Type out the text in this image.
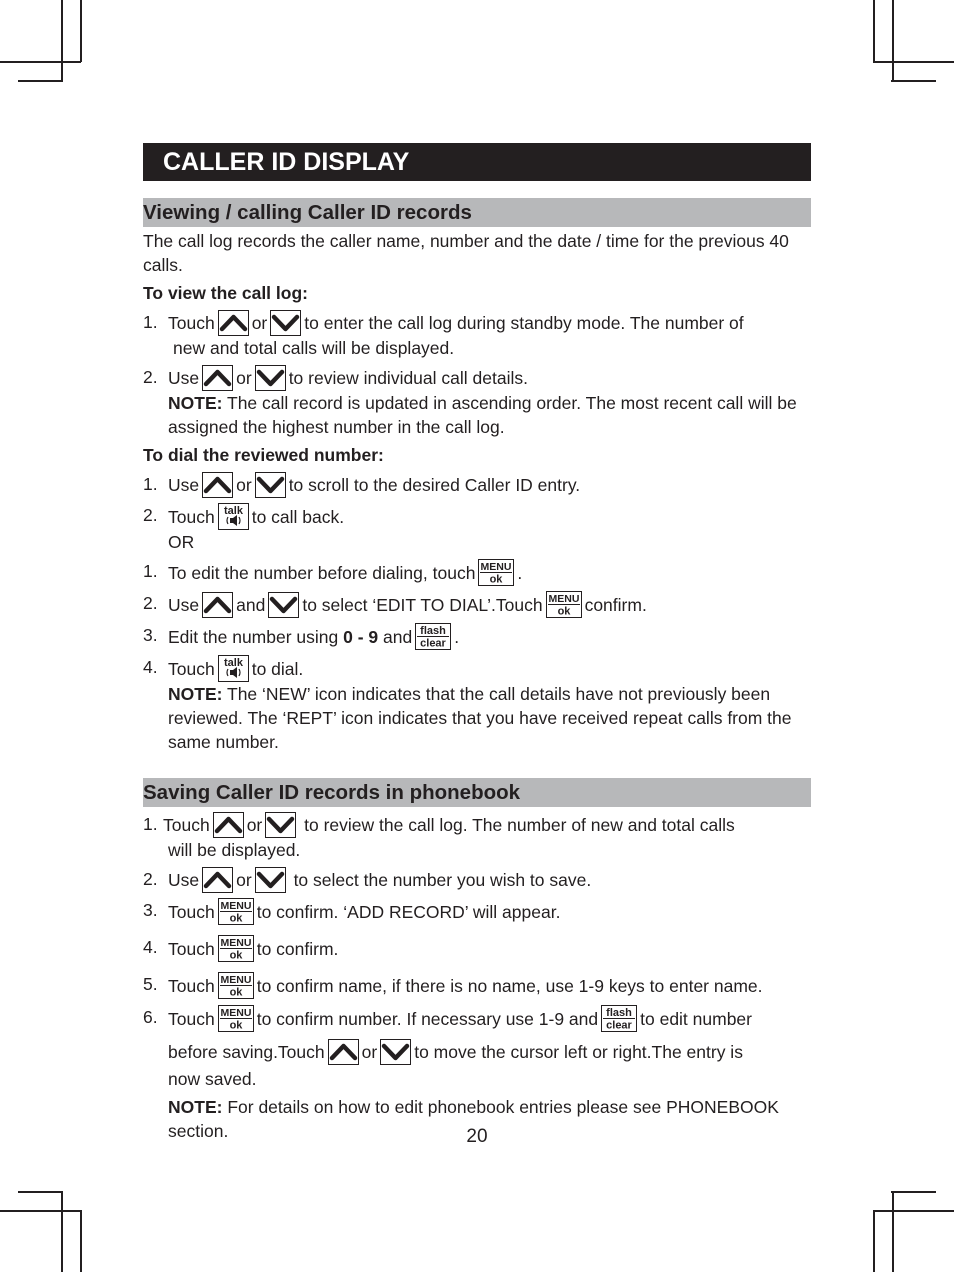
CALLER ID DISPLAY
Viewing / calling Caller ID records
The call log records the caller name, number and the date / time for the previous 40 calls.
To view the call log:
1. Touch or to enter the call log during standby mode. The number of
new and total calls will be displayed.
2. Use or to review individual call details.
NOTE: The call record is updated in ascending order. The most recent call will be assigned the highest number in the call log.
To dial the reviewed number:
1. Use or to scroll to the desired Caller ID entry.
2. Touch talk to call back.
OR
1. To edit the number before dialing, touch MENU
ok .
2. Use and to select ‘EDIT TO DIAL’.Touch MENU
ok confirm.
3. Edit the number using 0 - 9 and flash
clear .
4. Touch talk to dial.
NOTE: The ‘NEW’ icon indicates that the call details have not previously been reviewed. The ‘REPT’ icon indicates that you have received repeat calls from the same number.
Saving Caller ID records in phonebook
1. Touch or to review the call log. The number of new and total calls
will be displayed.
2. Use or to select the number you wish to save.
3. Touch MENU
ok to confirm. ‘ADD RECORD’ will appear.
4. Touch MENU
ok to confirm.
5. Touch MENU
ok to confirm name, if there is no name, use 1-9 keys to enter name.
6. Touch MENU
ok to confirm number. If necessary use 1-9 and flash
clear to edit number
before saving.Touch or to move the cursor left or right.The entry is
now saved.
NOTE: For details on how to edit phonebook entries please see PHONEBOOK section.	20
